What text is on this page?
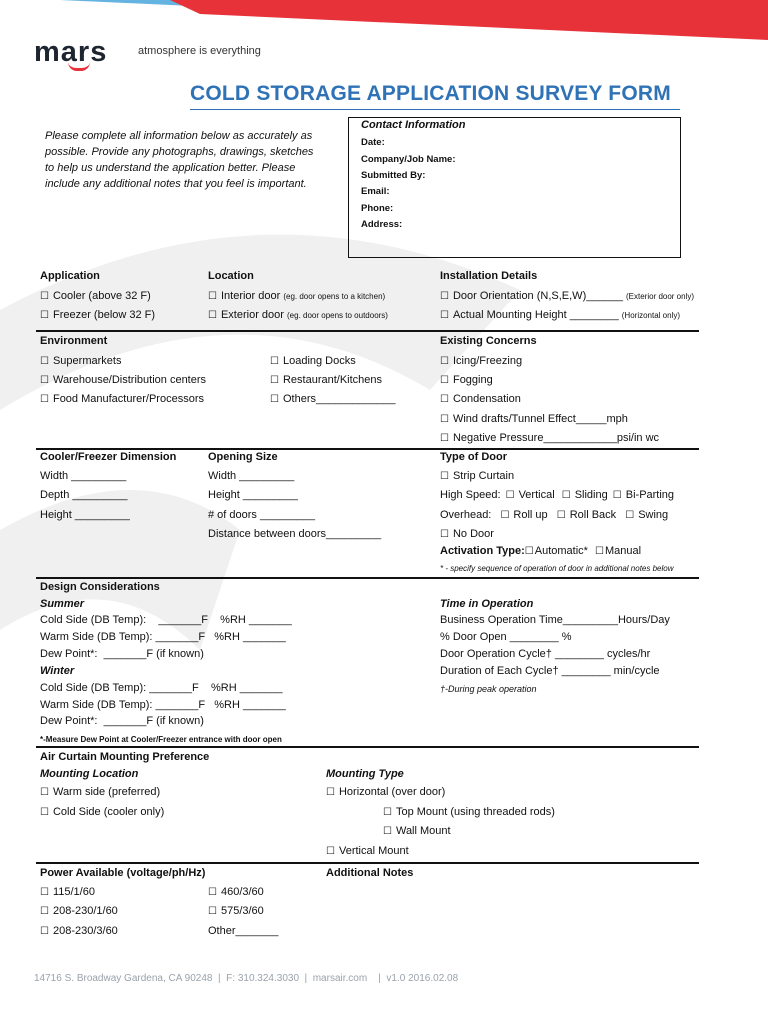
mars	atmosphere is everything
COLD STORAGE APPLICATION SURVEY FORM
Please complete all information below as accurately as possible. Provide any photographs, drawings, sketches to help us understand the application better. Please include any additional notes that you feel is important.
Contact Information
Date:
Company/Job Name:
Submitted By:
Email:
Phone:
Address:
Application
☐ Cooler (above 32 F)
☐ Freezer (below 32 F)
Location
☐ Interior door (eg. door opens to a kitchen)
☐ Exterior door (eg. door opens to outdoors)
Installation Details
☐ Door Orientation (N,S,E,W)______ (Exterior door only)
☐ Actual Mounting Height ________ (Horizontal only)
Environment
☐ Supermarkets
☐ Warehouse/Distribution centers
☐ Food Manufacturer/Processors
☐ Loading Docks
☐ Restaurant/Kitchens
☐ Others_____________
Existing Concerns
☐ Icing/Freezing
☐ Fogging
☐ Condensation
☐ Wind drafts/Tunnel Effect_____mph
☐ Negative Pressure____________psi/in wc
Cooler/Freezer Dimension
Width _________
Depth _________
Height _________
Opening Size
Width _________
Height _________
# of doors _________
Distance between doors_________
Type of Door
☐ Strip Curtain
High Speed: ☐ Vertical ☐ Sliding ☐ Bi-Parting
Overhead: ☐ Roll up ☐ Roll Back ☐ Swing
☐ No Door
Activation Type:☐Automatic* ☐Manual
* - specify sequence of operation of door in additional notes below
Design Considerations
Summer
Cold Side (DB Temp):    _______F    %RH _______
Warm Side (DB Temp): _______F   %RH _______
Dew Point*:  _______F (if known)
Winter
Cold Side (DB Temp): _______F    %RH _______
Warm Side (DB Temp): _______F   %RH _______
Dew Point*:  _______F (if known)
*-Measure Dew Point at Cooler/Freezer entrance with door open
Time in Operation
Business Operation Time_________Hours/Day
% Door Open ________ %
Door Operation Cycle† ________ cycles/hr
Duration of Each Cycle† ________ min/cycle
†-During peak operation
Air Curtain Mounting Preference
Mounting Location
☐ Warm side (preferred)
☐ Cold Side (cooler only)
Mounting Type
☐ Horizontal (over door)
☐ Top Mount (using threaded rods)
☐ Wall Mount
☐ Vertical Mount
Power Available (voltage/ph/Hz)
☐ 115/1/60
☐ 208-230/1/60
☐ 208-230/3/60
☐ 460/3/60
☐ 575/3/60
Other_______
Additional Notes
14716 S. Broadway Gardena, CA 90248  |  F: 310.324.3030  |  marsair.com    |  v1.0 2016.02.08
